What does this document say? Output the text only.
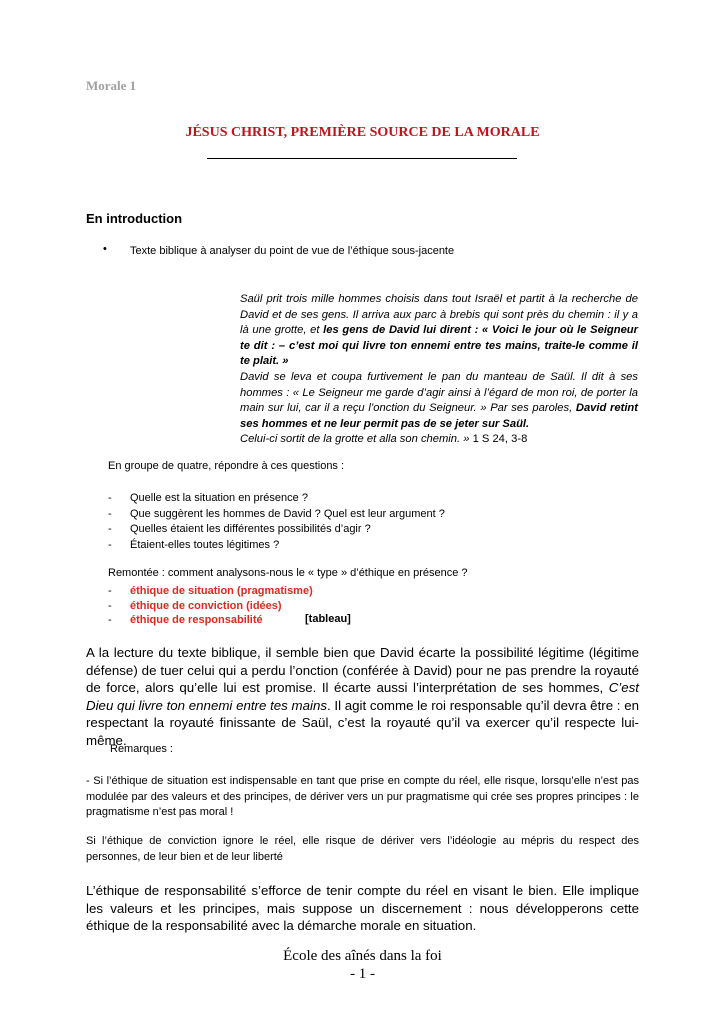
Morale 1
JÉSUS CHRIST, PREMIÈRE SOURCE DE LA MORALE
En introduction
• Texte biblique à analyser du point de vue de l’éthique sous-jacente

Saül prit trois mille hommes choisis dans tout Israël et partit à la recherche de David et de ses gens. Il arriva aux parc à brebis qui sont près du chemin : il y a là une grotte, et les gens de David lui dirent : « Voici le jour où le Seigneur te dit : – c’est moi qui livre ton ennemi entre tes mains, traite-le comme il te plait. »

David se leva et coupa furtivement le pan du manteau de Saül. Il dit à ses hommes : « Le Seigneur me garde d’agir ainsi à l’égard de mon roi, de porter la main sur lui, car il a reçu l’onction du Seigneur. » Par ses paroles, David retint ses hommes et ne leur permit pas de se jeter sur Saül.

Celui-ci sortit de la grotte et alla son chemin. » 1 S 24, 3-8

En groupe de quatre, répondre à ces questions :
-	Quelle est la situation en présence ?
-	Que suggèrent les hommes de David ? Quel est leur argument ?
-	Quelles étaient les différentes possibilités d’agir ?
-	Étaient-elles toutes légitimes ?
Remontée : comment analysons-nous le « type » d’éthique en présence ?
-	éthique de situation (pragmatisme)
-	éthique de conviction (idées)
-	éthique de responsabilité	[tableau]
A la lecture du texte biblique, il semble bien que David écarte la possibilité légitime (légitime défense) de tuer celui qui a perdu l’onction (conférée à David) pour ne pas prendre la royauté de force, alors qu’elle lui est promise. Il écarte aussi l’interprétation de ses hommes, C’est Dieu qui livre ton ennemi entre tes mains. Il agit comme le roi responsable qu’il devra être : en respectant la royauté finissante de Saül, c’est la royauté qu’il va exercer qu’il respecte lui-même.
Remarques :
- Si l’éthique de situation est indispensable en tant que prise en compte du réel, elle risque, lorsqu’elle n’est pas modulée par des valeurs et des principes, de dériver vers un pur pragmatisme qui crée ses propres principes : le pragmatisme n’est pas moral !
Si l’éthique de conviction ignore le réel, elle risque de dériver vers l’idéologie au mépris du respect des personnes, de leur bien et de leur liberté
L’éthique de responsabilité s’efforce de tenir compte du réel en visant le bien. Elle implique les valeurs et les principes, mais suppose un discernement : nous développerons cette éthique de la responsabilité avec la démarche morale en situation.
École des aînés dans la foi
- 1 -
